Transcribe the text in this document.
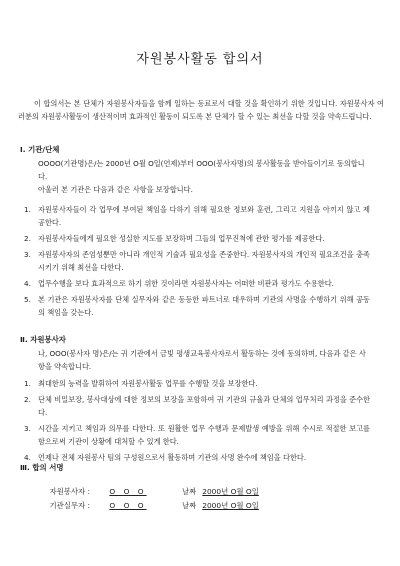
자원봉사활동 합의서
이 합의서는 본 단체가 자원봉사자들을 함께 일하는 동료로서 대할 것을 확인하기 위한 것입니다. 자원봉사자 여러분의 자원봉사활동이 생산적이며 효과적인 활동이 되도록 본 단체가 할 수 있는 최선을 다할 것을 약속드립니다.
Ⅰ. 기관/단체
OOOO(기관명)은/는 2000년 O월 O일(언제)부터 OOO(봉사자명)의 봉사활동을 받아들이기로 동의합니다.
아울러 본 기관은 다음과 같은 사항을 보장합니다.
1. 자원봉사자들이 각 업무에 부여된 책임을 다하기 위해 필요한 정보와 훈련, 그리고 지원을 아끼지 않고 제공한다.
2. 자원봉사자들에게 필요한 성실한 지도를 보장하며 그들의 업무진척에 관한 평가를 제공한다.
3. 자원봉사자의 존엄성뿐만 아니라 개인적 기술과 필요성을 존중한다. 자원봉사자의 개인적 필요조건을 충족시키기 위해 최선을 다한다.
4. 업무수행을 보다 효과적으로 하기 위한 것이라면 자원봉사자는 어떠한 비판과 평가도 수용한다.
5. 본 기관은 자원봉사자를 단체 실무자와 같은 동등한 파트너로 대우하며 기관의 사명을 수행하기 위해 공동의 책임을 갖는다.
Ⅱ. 자원봉사자
나, OOO(봉사자 명)은/는 귀 기관에서 금빛 평생교육봉사자로서 활동하는 것에 동의하며, 다음과 같은 사항을 약속합니다.
1. 최대한의 능력을 발휘하여 자원봉사활동 업무를 수행할 것을 보장한다.
2. 단체 비밀보장, 봉사대상에 대한 정보의 보장을 포함하여 귀 기관의 규율과 단체의 업무처리 과정을 준수한다.
3. 시간을 지키고 책임과 의무를 다한다. 또 원활한 업무 수행과 문제발생 예방을 위해 수시로 적절한 보고를 함으로써 기관이 상황에 대처할 수 있게 한다.
4. 언제나 전체 자원봉사 팀의 구성원으로서 활동하며 기관의 사명 완수에 책임을 다한다.
Ⅲ. 합의 서명
자원봉사자 :	O O O	날짜 2000년 O월 O일
기관실무자 :	O O O	날짜 2000년 O월 O일
